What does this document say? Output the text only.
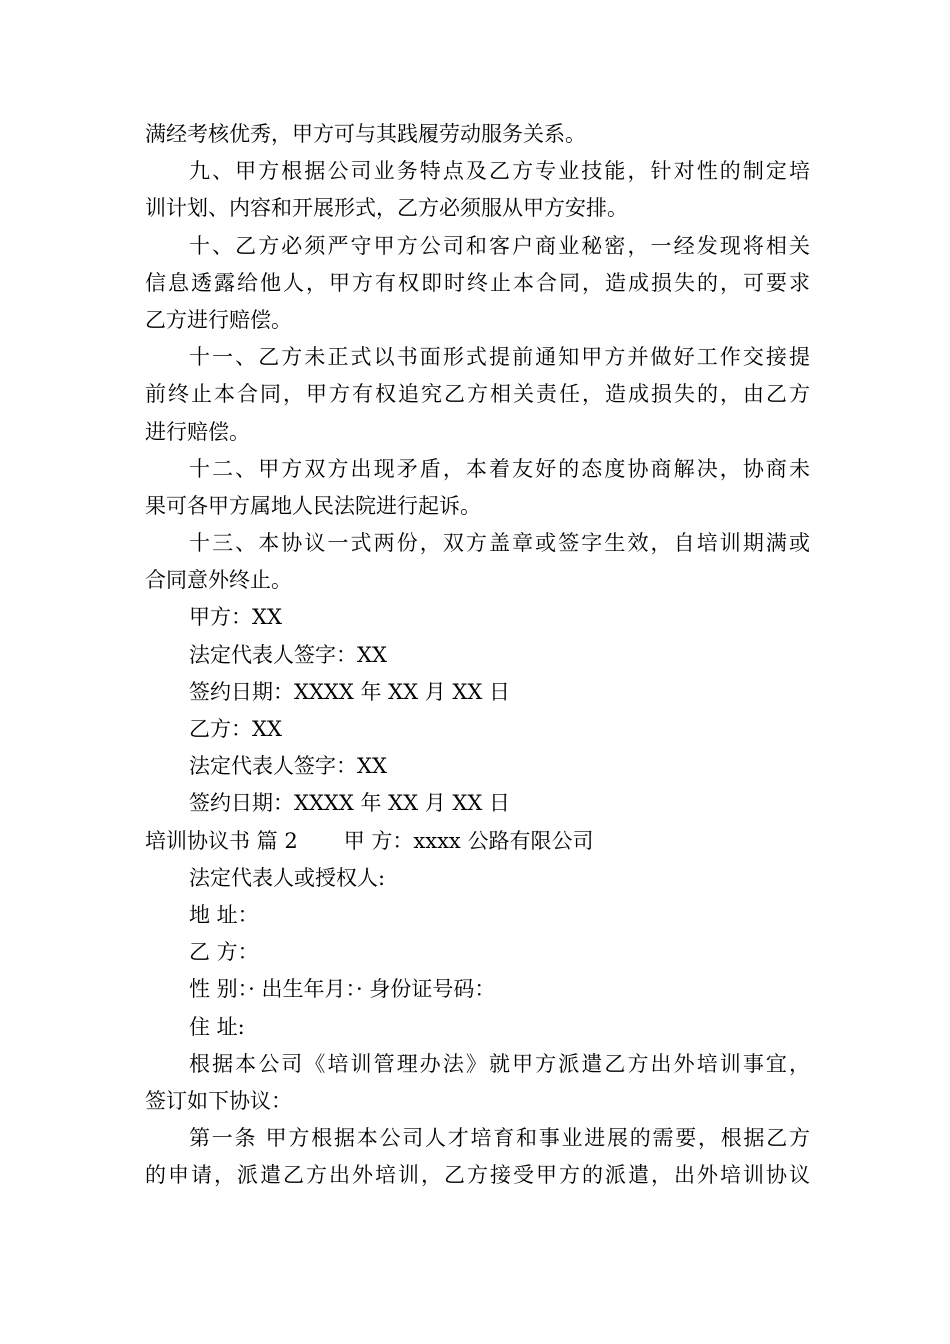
满经考核优秀，甲方可与其践履劳动服务关系。
九、甲方根据公司业务特点及乙方专业技能，针对性的制定培
训计划、内容和开展形式，乙方必须服从甲方安排。
十、乙方必须严守甲方公司和客户商业秘密，一经发现将相关
信息透露给他人，甲方有权即时终止本合同，造成损失的，可要求
乙方进行赔偿。
十一、乙方未正式以书面形式提前通知甲方并做好工作交接提
前终止本合同，甲方有权追究乙方相关责任，造成损失的，由乙方
进行赔偿。
十二、甲方双方出现矛盾，本着友好的态度协商解决，协商未
果可各甲方属地人民法院进行起诉。
十三、本协议一式两份，双方盖章或签字生效，自培训期满或
合同意外终止。
甲方：XX
法定代表人签字：XX
签约日期：XXXX 年 XX 月 XX 日
乙方：XX
法定代表人签字：XX
签约日期：XXXX 年 XX 月 XX 日
培训协议书 篇 2 甲 方：xxxx 公路有限公司
法定代表人或授权人:
地 址：
乙 方：
性 别：· 出生年月：· 身份证号码：
住 址:
根据本公司《培训管理办法》就甲方派遣乙方出外培训事宜，
签订如下协议：
第一条 甲方根据本公司人才培育和事业进展的需要，根据乙方
的申请，派遣乙方出外培训，乙方接受甲方的派遣，出外培训协议
